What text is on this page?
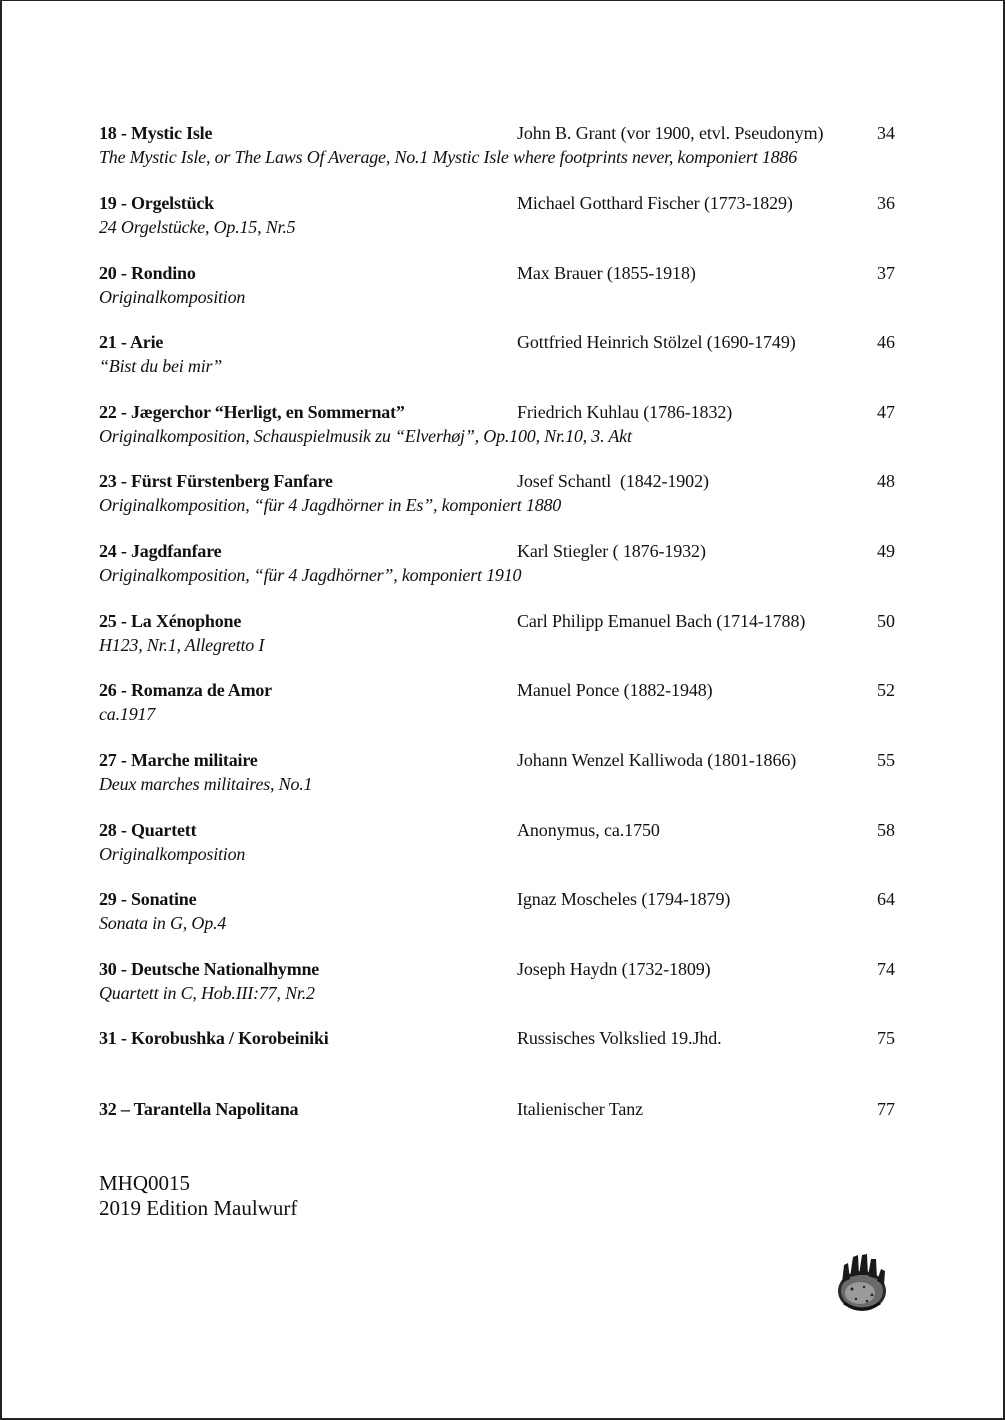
18 - Mystic Isle	John B. Grant (vor 1900, etvl. Pseudonym)	34
The Mystic Isle, or The Laws Of Average, No.1 Mystic Isle where footprints never, komponiert 1886
19 - Orgelstück	Michael Gotthard Fischer (1773-1829)	36
24 Orgelstücke, Op.15, Nr.5
20 - Rondino	Max Brauer (1855-1918)	37
Originalkomposition
21 - Arie	Gottfried Heinrich Stölzel (1690-1749)	46
“Bist du bei mir”
22 - Jægerchor “Herligt, en Sommernat”	Friedrich Kuhlau (1786-1832)	47
Originalkomposition, Schauspielmusik zu “Elverhøj”, Op.100, Nr.10, 3. Akt
23 - Fürst Fürstenberg Fanfare	Josef Schantl  (1842-1902)	48
Originalkomposition, “für 4 Jagdhörner in Es”, komponiert 1880
24 - Jagdfanfare	Karl Stiegler ( 1876-1932)	49
Originalkomposition, “für 4 Jagdhörner”, komponiert 1910
25 - La Xénophone	Carl Philipp Emanuel Bach (1714-1788)	50
H123, Nr.1, Allegretto I
26 - Romanza de Amor	Manuel Ponce (1882-1948)	52
ca.1917
27 - Marche militaire	Johann Wenzel Kalliwoda (1801-1866)	55
Deux marches militaires, No.1
28 - Quartett	Anonymus, ca.1750	58
Originalkomposition
29 - Sonatine	Ignaz Moscheles (1794-1879)	64
Sonata in G, Op.4
30 - Deutsche Nationalhymne	Joseph Haydn (1732-1809)	74
Quartett in C, Hob.III:77, Nr.2
31 - Korobushka / Korobeiniki	Russisches Volkslied 19.Jhd.	75
32 – Tarantella Napolitana	Italienischer Tanz	77
MHQ0015
2019 Edition Maulwurf
